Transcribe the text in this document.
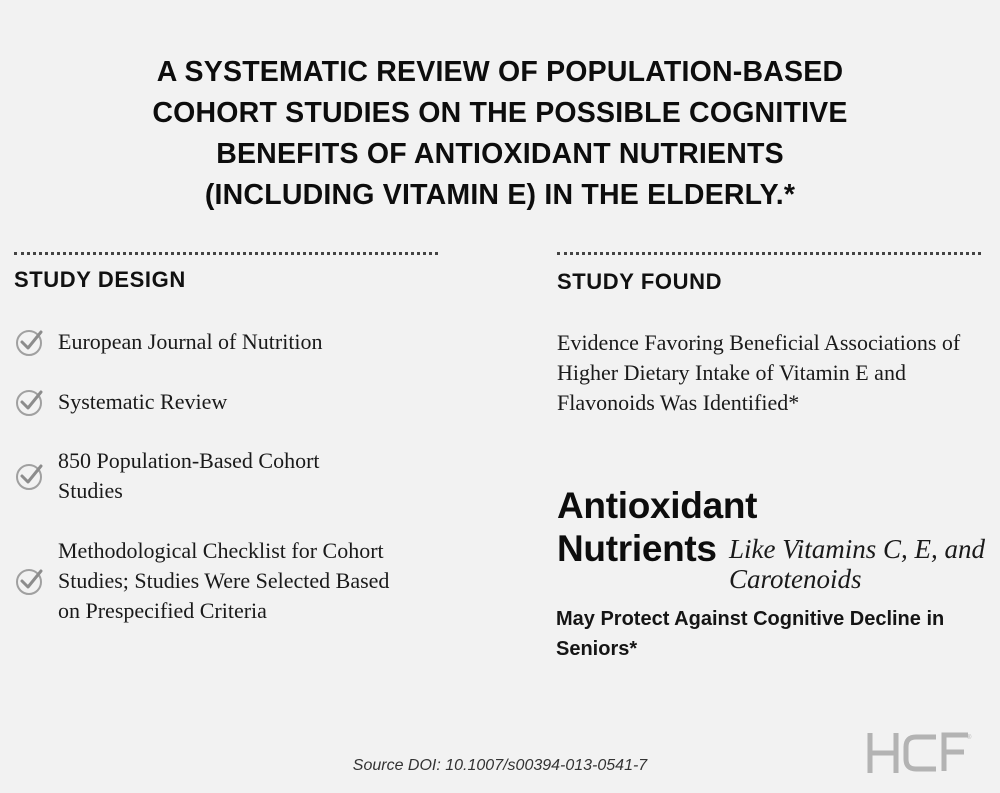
A SYSTEMATIC REVIEW OF POPULATION-BASED
COHORT STUDIES ON THE POSSIBLE COGNITIVE
BENEFITS OF ANTIOXIDANT NUTRIENTS
(INCLUDING VITAMIN E) IN THE ELDERLY.*
STUDY DESIGN	STUDY FOUND
European Journal of Nutrition
Systematic Review
850 Population-Based Cohort Studies
Methodological Checklist for Cohort Studies; Studies Were Selected Based on Prespecified Criteria
Evidence Favoring Beneficial Associations of Higher Dietary Intake of Vitamin E and Flavonoids Was Identified*
Antioxidant
Nutrients Like Vitamins C, E, and Carotenoids
May Protect Against Cognitive Decline in Seniors*
Source DOI: 10.1007/s00394-013-0541-7
®
